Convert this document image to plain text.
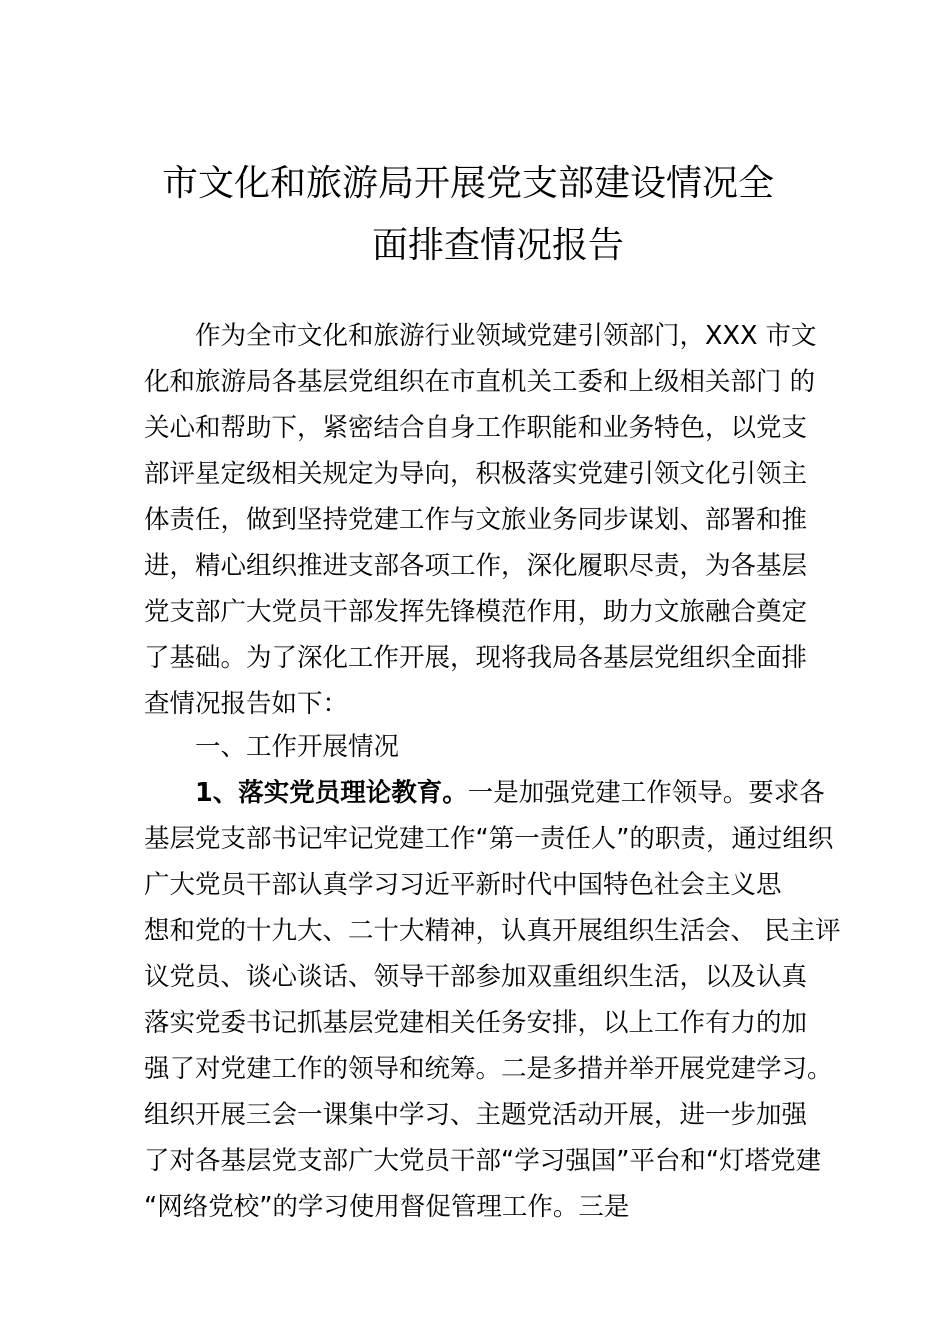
市文化和旅游局开展党支部建设情况全
面排查情况报告

作为全市文化和旅游行业领域党建引领部门，XXX 市文

化和旅游局各基层党组织在市直机关工委和上级相关部门 的

关心和帮助下，紧密结合自身工作职能和业务特色，以党支

部评星定级相关规定为导向，积极落实党建引领文化引领主

体责任，做到坚持党建工作与文旅业务同步谋划、部署和推

进，精心组织推进支部各项工作，深化履职尽责，为各基层

党支部广大党员干部发挥先锋模范作用，助力文旅融合奠定

了基础。为了深化工作开展，现将我局各基层党组织全面排

查情况报告如下：

一、工作开展情况

1、落实党员理论教育。一是加强党建工作领导。要求各

基层党支部书记牢记党建工作“第一责任人”的职责，通过组织

广大党员干部认真学习习近平新时代中国特色社会主义思

想和党的十九大、二十大精神，认真开展组织生活会、 民主评

议党员、谈心谈话、领导干部参加双重组织生活，以及认真

落实党委书记抓基层党建相关任务安排，以上工作有力的加

强了对党建工作的领导和统筹。二是多措并举开展党建学习。

组织开展三会一课集中学习、主题党活动开展，进一步加强

了对各基层党支部广大党员干部“学习强国”平台和“灯塔党建

“网络党校”的学习使用督促管理工作。三是
